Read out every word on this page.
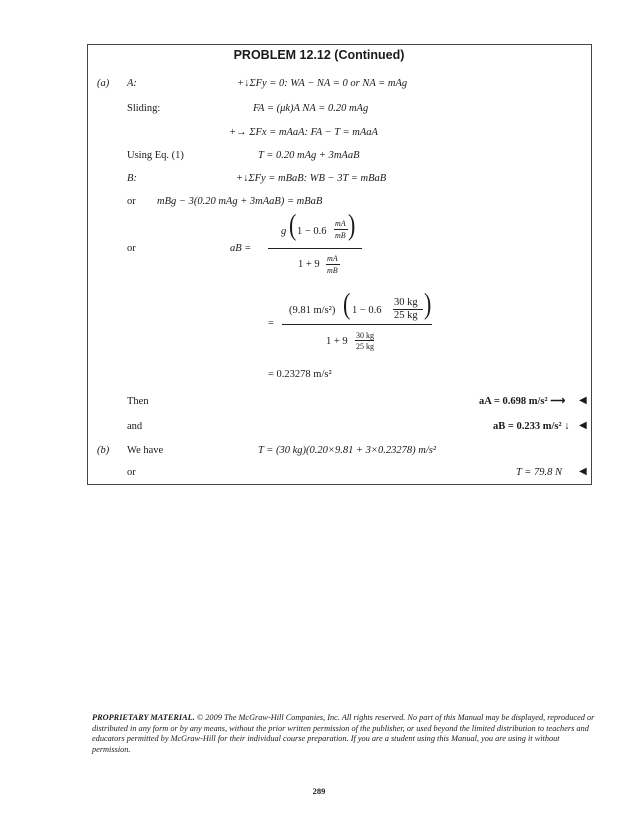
PROBLEM 12.12 (Continued)
(a) A:	+↓ΣFy = 0: WA − NA = 0 or NA = mAg
Sliding:	FA = (μk)A NA = 0.20 mAg
+→ ΣFx = mAaA: FA − T = mAaA
Using Eq. (1)	T = 0.20 mAg + 3mAaB
B:	+↓ΣFy = mBaB: WB − 3T = mBaB
or mBg − 3(0.20 mAg + 3mAaB) = mBaB
or	aB =
g ( 1 − 0.6
mA
mB )
1 + 9
mA
mB
=
(9.81 m/s²) ( 1 − 0.6
30 kg
25 kg )
1 + 9
30 kg
25 kg
= 0.23278 m/s²
Then	aA = 0.698 m/s² ⟶ ◀
and	aB = 0.233 m/s² ↓ ◀
(b) We have	T = (30 kg)(0.20×9.81 + 3×0.23278) m/s²
or	T = 79.8 N ◀
PROPRIETARY MATERIAL. © 2009 The McGraw-Hill Companies, Inc. All rights reserved. No part of this Manual may be displayed, reproduced or distributed in any form or by any means, without the prior written permission of the publisher, or used beyond the limited distribution to teachers and educators permitted by McGraw-Hill for their individual course preparation. If you are a student using this Manual, you are using it without permission.
289
